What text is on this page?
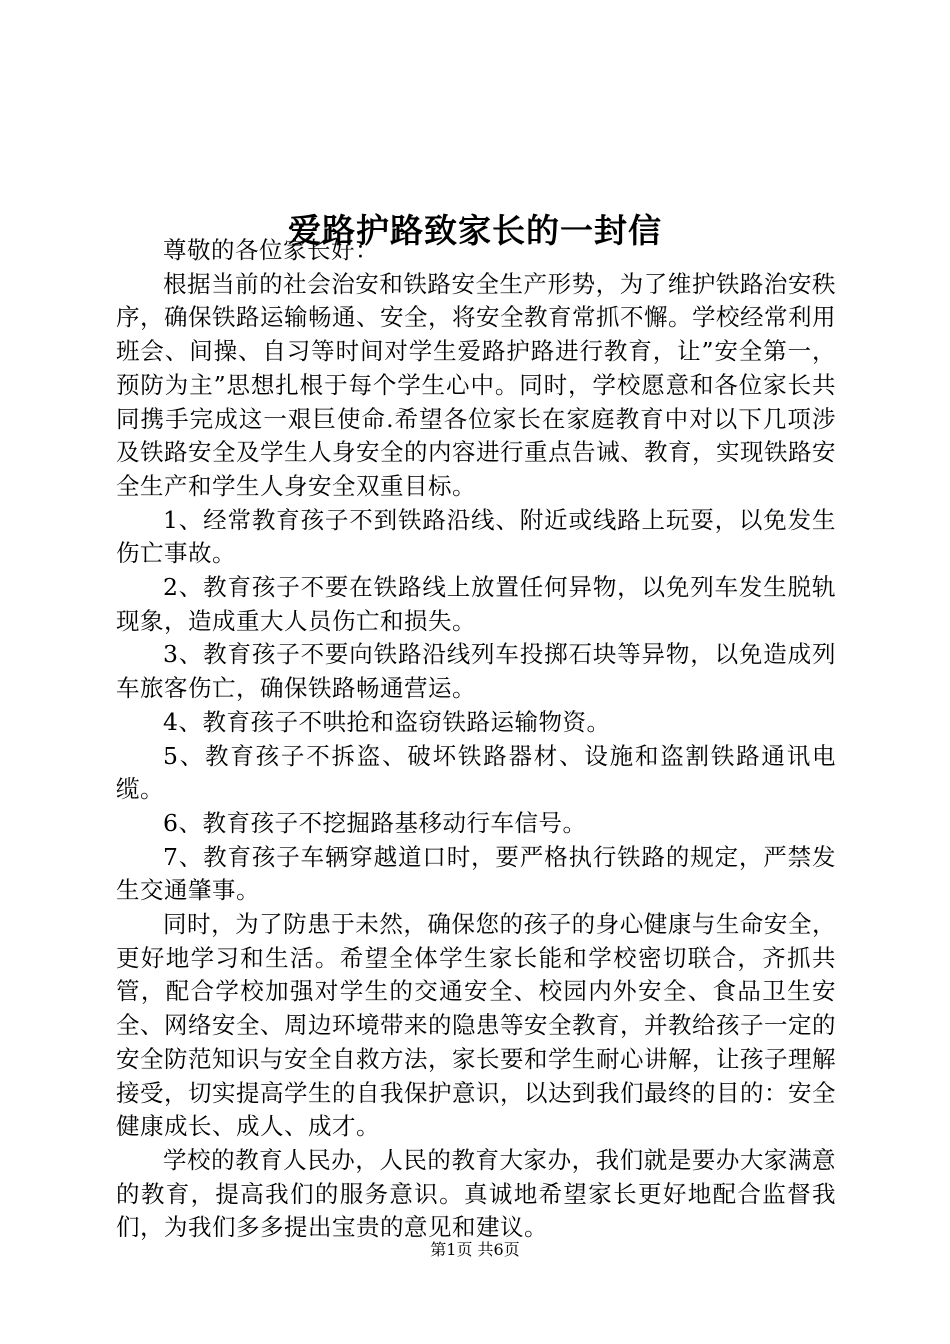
爱路护路致家长的一封信

尊敬的各位家长好：

根据当前的社会治安和铁路安全生产形势，为了维护铁路治安秩序，确保铁路运输畅通、安全，将安全教育常抓不懈。学校经常利用班会、间操、自习等时间对学生爱路护路进行教育，让”安全第一，预防为主”思想扎根于每个学生心中。同时，学校愿意和各位家长共同携手完成这一艰巨使命.希望各位家长在家庭教育中对以下几项涉及铁路安全及学生人身安全的内容进行重点告诫、教育，实现铁路安全生产和学生人身安全双重目标。

1、经常教育孩子不到铁路沿线、附近或线路上玩耍，以免发生伤亡事故。

2、教育孩子不要在铁路线上放置任何异物，以免列车发生脱轨现象，造成重大人员伤亡和损失。

3、教育孩子不要向铁路沿线列车投掷石块等异物，以免造成列车旅客伤亡，确保铁路畅通营运。

4、教育孩子不哄抢和盗窃铁路运输物资。

5、教育孩子不拆盗、破坏铁路器材、设施和盗割铁路通讯电缆。

6、教育孩子不挖掘路基移动行车信号。

7、教育孩子车辆穿越道口时，要严格执行铁路的规定，严禁发生交通肇事。

同时，为了防患于未然，确保您的孩子的身心健康与生命安全，更好地学习和生活。希望全体学生家长能和学校密切联合，齐抓共管，配合学校加强对学生的交通安全、校园内外安全、食品卫生安全、网络安全、周边环境带来的隐患等安全教育，并教给孩子一定的安全防范知识与安全自救方法，家长要和学生耐心讲解，让孩子理解接受，切实提高学生的自我保护意识，以达到我们最终的目的：安全健康成长、成人、成才。

学校的教育人民办，人民的教育大家办，我们就是要办大家满意的教育，提高我们的服务意识。真诚地希望家长更好地配合监督我们，为我们多多提出宝贵的意见和建议。

第1页 共6页
